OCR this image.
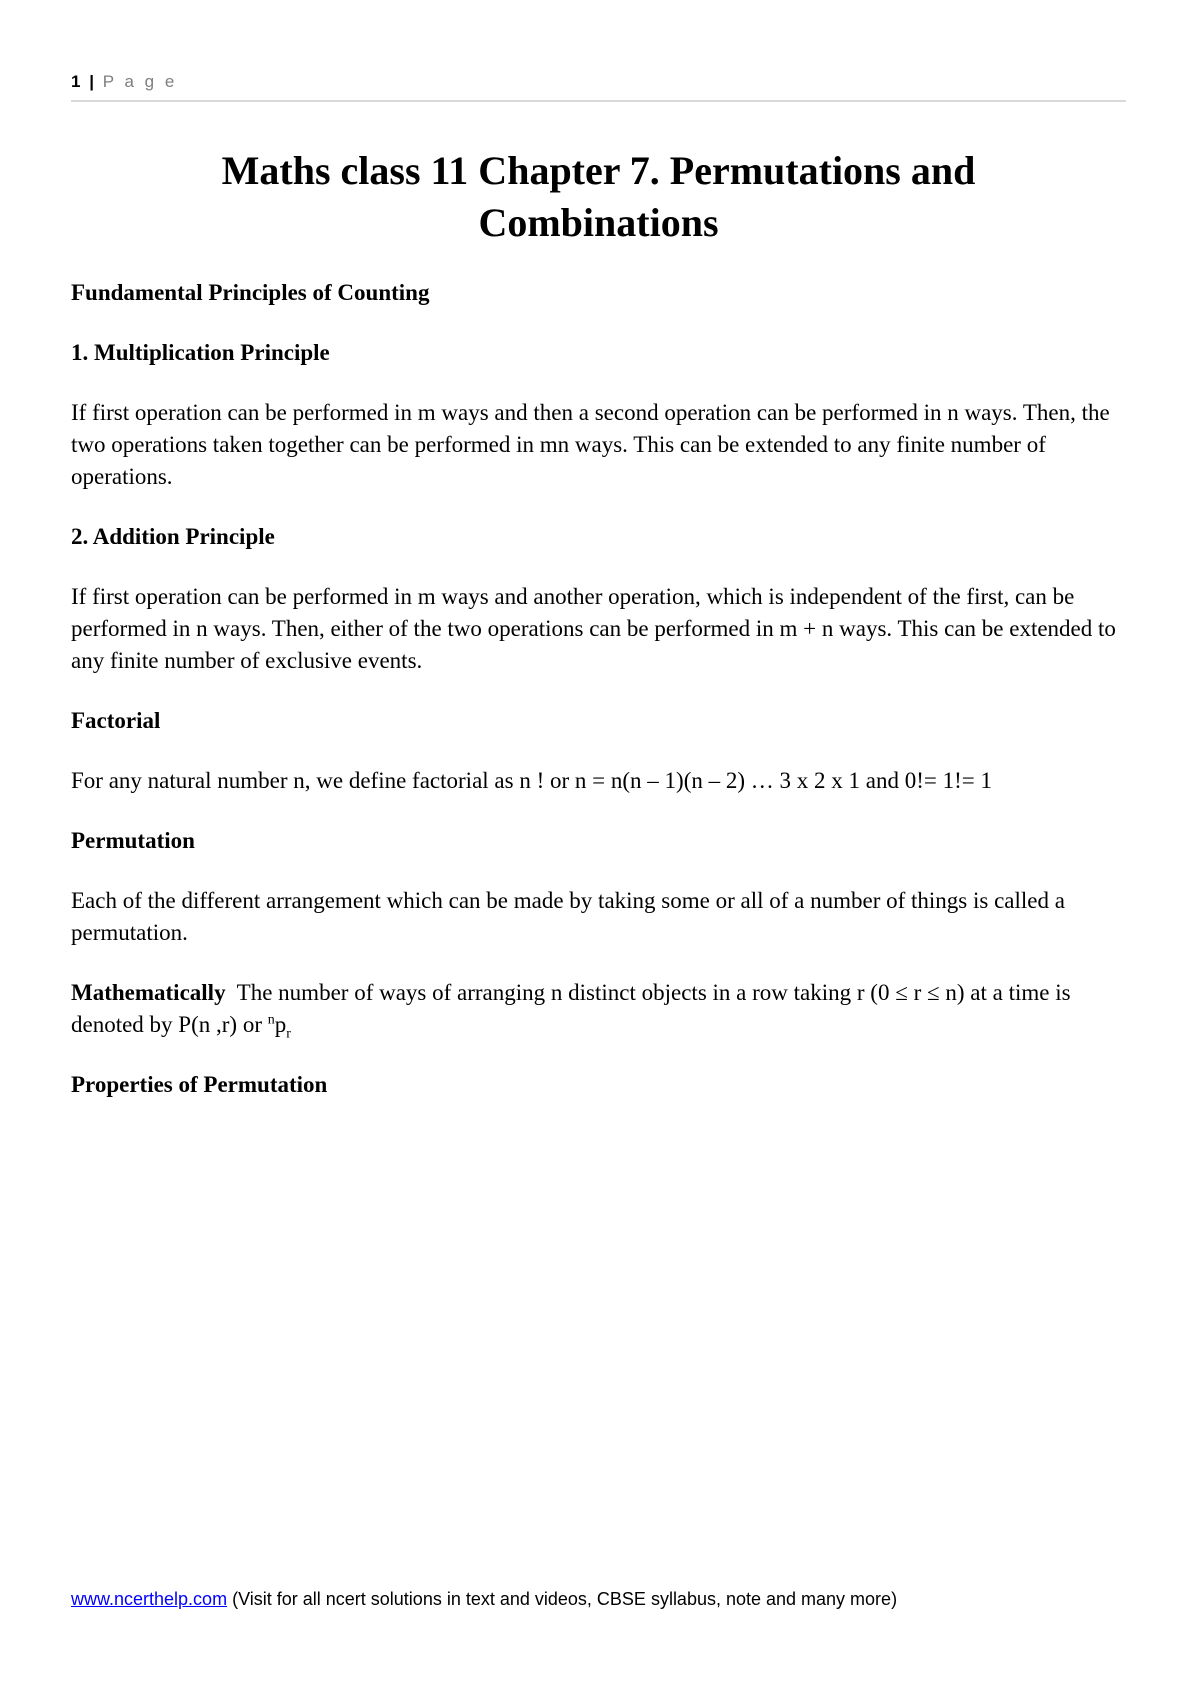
1 | P a g e
Maths class 11 Chapter 7. Permutations and
Combinations
Fundamental Principles of Counting
1. Multiplication Principle

If first operation can be performed in m ways and then a second operation can be performed in n ways. Then, the two operations taken together can be performed in mn ways. This can be extended to any finite number of operations.

2. Addition Principle

If first operation can be performed in m ways and another operation, which is independent of the first, can be performed in n ways. Then, either of the two operations can be performed in m + n ways. This can be extended to any finite number of exclusive events.

Factorial

For any natural number n, we define factorial as n ! or n = n(n – 1)(n – 2) … 3 x 2 x 1 and 0!= 1!= 1

Permutation

Each of the different arrangement which can be made by taking some or all of a number of things is called a permutation.

Mathematically The number of ways of arranging n distinct objects in a row taking r (0 ≤ r ≤ n) at a time is denoted by P(n ,r) or $^np_r$

Properties of Permutation
www.ncerthelp.com (Visit for all ncert solutions in text and videos, CBSE syllabus, note and many more)
